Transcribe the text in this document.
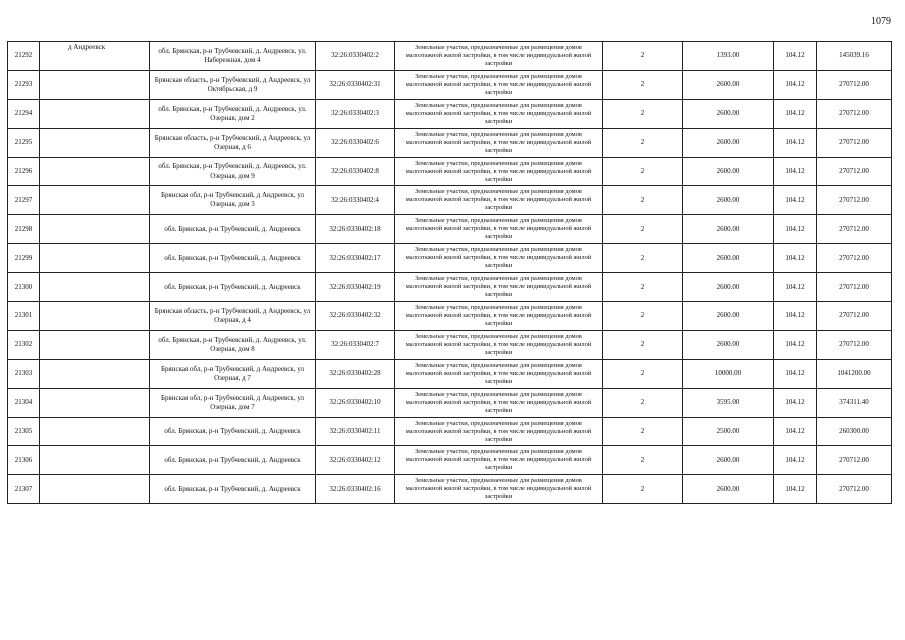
1079
21292	д Андреевск	обл. Брянская, р-н Трубчевский, д. Андреевск, ул. Набережная, дом 4	32:26:0330402:2	Земельные участки, предназначенные для размещения домов малоэтажной жилой застройки, в том числе индивидуальной жилой застройки	2	1393.00	104.12	145039.16
21293		Брянская область, р-н Трубчевский, д Андреевск, ул Октябрьская, д 9	32:26:0330402:31	Земельные участки, предназначенные для размещения домов малоэтажной жилой застройки, в том числе индивидуальной жилой застройки	2	2600.00	104.12	270712.00
21294		обл. Брянская, р-н Трубчевский, д. Андреевск, ул. Озерная, дом 2	32:26:0330402:3	Земельные участки, предназначенные для размещения домов малоэтажной жилой застройки, в том числе индивидуальной жилой застройки	2	2600.00	104.12	270712.00
21295		Брянская область, р-н Трубчевский, д Андреевск, ул Озерная, д 6	32:26:0330402:6	Земельные участки, предназначенные для размещения домов малоэтажной жилой застройки, в том числе индивидуальной жилой застройки	2	2600.00	104.12	270712.00
21296		обл. Брянская, р-н Трубчевский, д. Андреевск, ул. Озерная, дом 9	32:26:0330402:8	Земельные участки, предназначенные для размещения домов малоэтажной жилой застройки, в том числе индивидуальной жилой застройки	2	2600.00	104.12	270712.00
21297		Брянская обл, р-н Трубчевский, д Андреевск, ул Озерная, дом 3	32:26:0330402:4	Земельные участки, предназначенные для размещения домов малоэтажной жилой застройки, в том числе индивидуальной жилой застройки	2	2600.00	104.12	270712.00
21298		обл. Брянская, р-н Трубчевский, д. Андреевск	32:26:0330402:18	Земельные участки, предназначенные для размещения домов малоэтажной жилой застройки, в том числе индивидуальной жилой застройки	2	2600.00	104.12	270712.00
21299		обл. Брянская, р-н Трубчевский, д. Андреевск	32:26:0330402:17	Земельные участки, предназначенные для размещения домов малоэтажной жилой застройки, в том числе индивидуальной жилой застройки	2	2600.00	104.12	270712.00
21300		обл. Брянская, р-н Трубчевский, д. Андреевск	32:26:0330402:19	Земельные участки, предназначенные для размещения домов малоэтажной жилой застройки, в том числе индивидуальной жилой застройки	2	2600.00	104.12	270712.00
21301		Брянская область, р-н Трубчевский, д Андреевск, ул Озерная, д 4	32:26:0330402:32	Земельные участки, предназначенные для размещения домов малоэтажной жилой застройки, в том числе индивидуальной жилой застройки	2	2600.00	104.12	270712.00
21302		обл. Брянская, р-н Трубчевский, д. Андреевск, ул. Озерная, дом 8	32:26:0330402:7	Земельные участки, предназначенные для размещения домов малоэтажной жилой застройки, в том числе индивидуальной жилой застройки	2	2600.00	104.12	270712.00
21303		Брянская обл, р-н Трубчевский, д Андреевск, ул Озерная, д 7	32:26:0330402:28	Земельные участки, предназначенные для размещения домов малоэтажной жилой застройки, в том числе индивидуальной жилой застройки	2	10000.00	104.12	1041200.00
21304		Брянская обл, р-н Трубчевский, д Андреевск, ул Озерная, дом 7	32:26:0330402:10	Земельные участки, предназначенные для размещения домов малоэтажной жилой застройки, в том числе индивидуальной жилой застройки	2	3595.00	104.12	374311.40
21305		обл. Брянская, р-н Трубчевский, д. Андреевск	32:26:0330402:11	Земельные участки, предназначенные для размещения домов малоэтажной жилой застройки, в том числе индивидуальной жилой застройки	2	2500.00	104.12	260300.00
21306		обл. Брянская, р-н Трубчевский, д. Андреевск	32:26:0330402:12	Земельные участки, предназначенные для размещения домов малоэтажной жилой застройки, в том числе индивидуальной жилой застройки	2	2600.00	104.12	270712.00
21307		обл. Брянская, р-н Трубчевский, д. Андреевск	32:26:0330402:16	Земельные участки, предназначенные для размещения домов малоэтажной жилой застройки, в том числе индивидуальной жилой застройки	2	2600.00	104.12	270712.00
